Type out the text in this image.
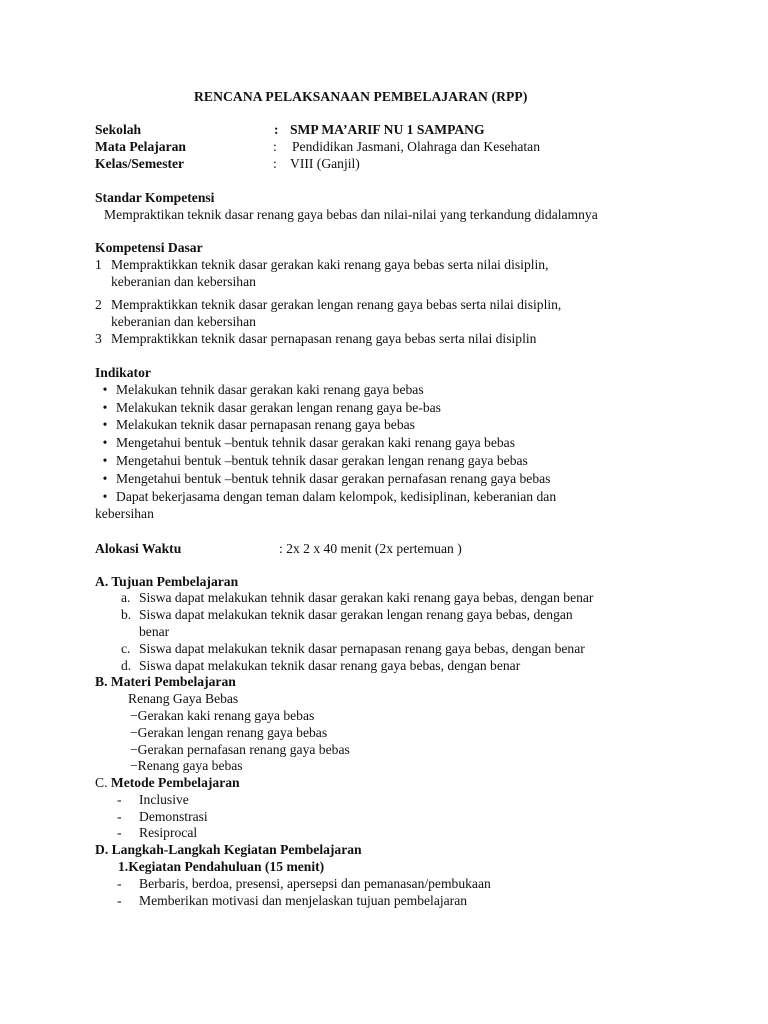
RENCANA PELAKSANAAN PEMBELAJARAN (RPP)
Sekolah	: SMP MA’ARIF NU 1 SAMPANG
Mata Pelajaran	: Pendidikan Jasmani, Olahraga dan Kesehatan
Kelas/Semester	: VIII (Ganjil)
Standar Kompetensi
Mempraktikan teknik dasar renang gaya bebas dan nilai-nilai yang terkandung didalamnya
Kompetensi Dasar
1 Mempraktikkan teknik dasar gerakan kaki renang gaya bebas serta nilai disiplin,
keberanian dan kebersihan
2 Mempraktikkan teknik dasar gerakan lengan renang gaya bebas serta nilai disiplin,
keberanian dan kebersihan
3 Mempraktikkan teknik dasar pernapasan renang gaya bebas serta nilai disiplin
Indikator
• Melakukan tehnik dasar gerakan kaki renang gaya bebas
• Melakukan teknik dasar gerakan lengan renang gaya be-bas
• Melakukan teknik dasar pernapasan renang gaya bebas
• Mengetahui bentuk –bentuk tehnik dasar gerakan kaki renang gaya bebas
• Mengetahui bentuk –bentuk tehnik dasar gerakan lengan renang gaya bebas
• Mengetahui bentuk –bentuk tehnik dasar gerakan pernafasan renang gaya bebas
• Dapat bekerjasama dengan teman dalam kelompok, kedisiplinan, keberanian dan
kebersihan
Alokasi Waktu	: 2x 2 x 40 menit (2x pertemuan )
A. Tujuan Pembelajaran
a. Siswa dapat melakukan tehnik dasar gerakan kaki renang gaya bebas, dengan benar
b. Siswa dapat melakukan teknik dasar gerakan lengan renang gaya bebas, dengan
benar
c. Siswa dapat melakukan teknik dasar pernapasan renang gaya bebas, dengan benar
d. Siswa dapat melakukan teknik dasar renang gaya bebas, dengan benar
B. Materi Pembelajaran
Renang Gaya Bebas
−Gerakan kaki renang gaya bebas
−Gerakan lengan renang gaya bebas
−Gerakan pernafasan renang gaya bebas
−Renang gaya bebas
C. Metode Pembelajaran
- Inclusive
- Demonstrasi
- Resiprocal
D. Langkah-Langkah Kegiatan Pembelajaran
1.Kegiatan Pendahuluan (15 menit)
- Berbaris, berdoa, presensi, apersepsi dan pemanasan/pembukaan
- Memberikan motivasi dan menjelaskan tujuan pembelajaran
